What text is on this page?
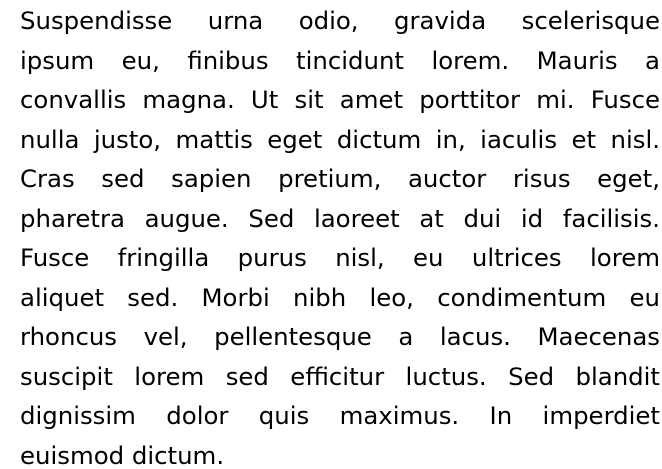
Suspendisse urna odio, gravida scelerisque
ipsum eu, finibus tincidunt lorem. Mauris a
convallis magna. Ut sit amet porttitor mi. Fusce
nulla justo, mattis eget dictum in, iaculis et nisl.
Cras sed sapien pretium, auctor risus eget,
pharetra augue. Sed laoreet at dui id facilisis.
Fusce fringilla purus nisl, eu ultrices lorem
aliquet sed. Morbi nibh leo, condimentum eu
rhoncus vel, pellentesque a lacus. Maecenas
suscipit lorem sed efficitur luctus. Sed blandit
dignissim dolor quis maximus. In imperdiet
euismod dictum.
